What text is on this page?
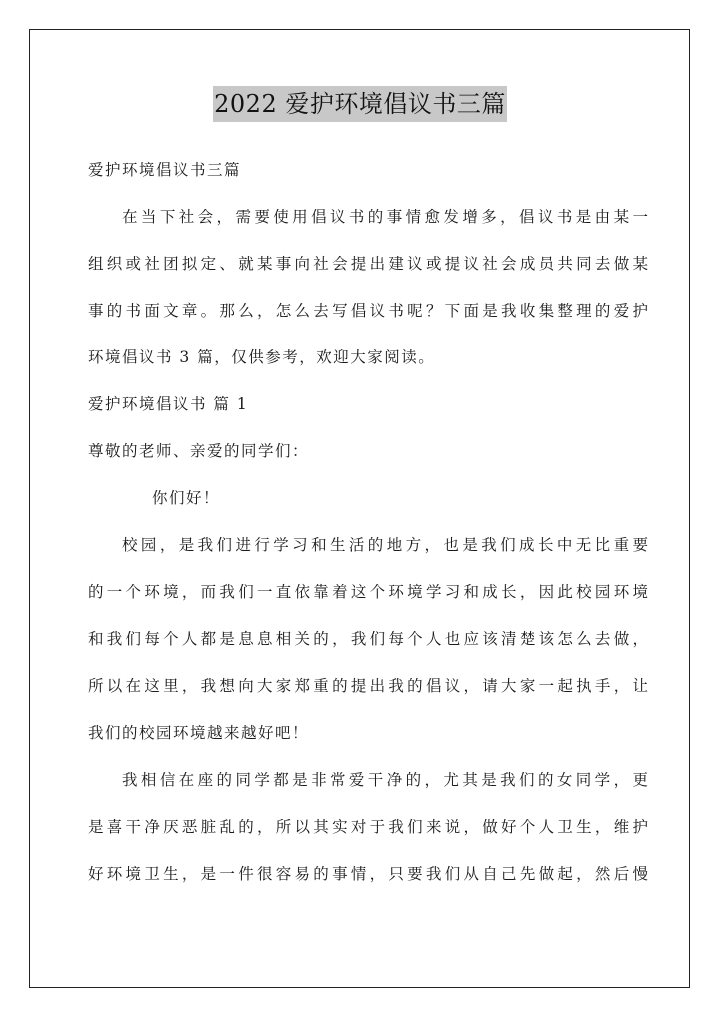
2022 爱护环境倡议书三篇
爱护环境倡议书三篇
在当下社会，需要使用倡议书的事情愈发增多，倡议书是由某一
组织或社团拟定、就某事向社会提出建议或提议社会成员共同去做某
事的书面文章。那么，怎么去写倡议书呢？下面是我收集整理的爱护
环境倡议书 3 篇，仅供参考，欢迎大家阅读。
爱护环境倡议书 篇 1
尊敬的老师、亲爱的同学们：
你们好！
校园，是我们进行学习和生活的地方，也是我们成长中无比重要
的一个环境，而我们一直依靠着这个环境学习和成长，因此校园环境
和我们每个人都是息息相关的，我们每个人也应该清楚该怎么去做，
所以在这里，我想向大家郑重的提出我的倡议，请大家一起执手，让
我们的校园环境越来越好吧！
我相信在座的同学都是非常爱干净的，尤其是我们的女同学，更
是喜干净厌恶脏乱的，所以其实对于我们来说，做好个人卫生，维护
好环境卫生，是一件很容易的事情，只要我们从自己先做起，然后慢
